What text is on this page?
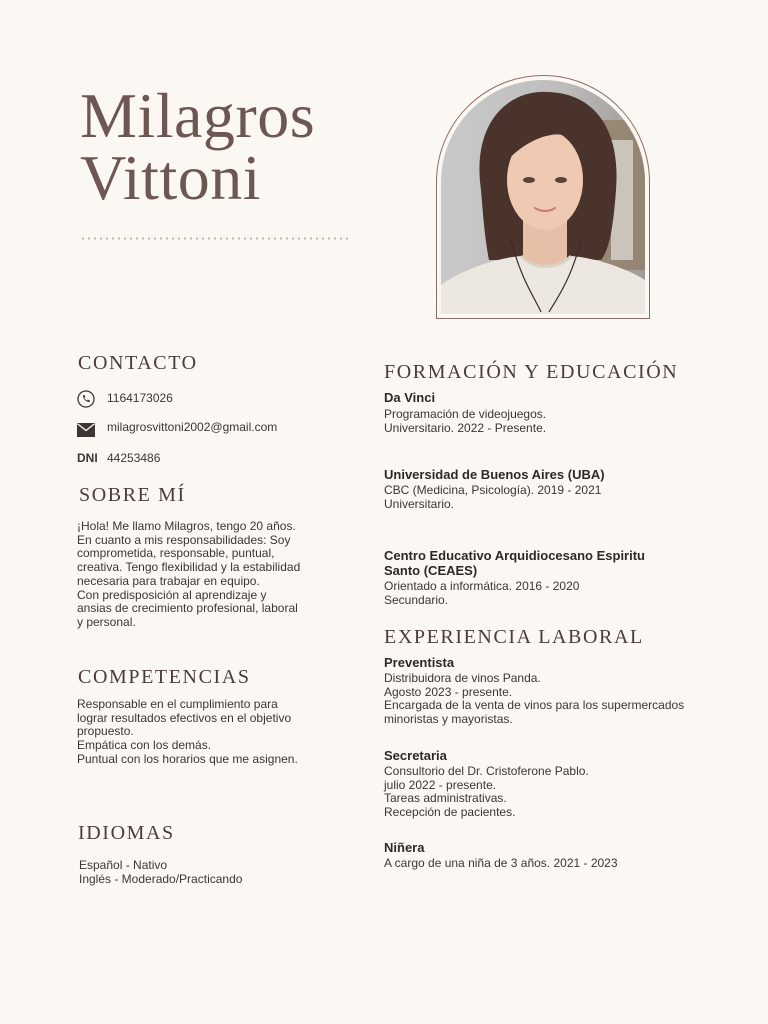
Milagros
Vittoni
CONTACTO
1164173026
milagrosvittoni2002@gmail.com
DNI 44253486
SOBRE MÍ
¡Hola! Me llamo Milagros, tengo 20 años.
En cuanto a mis responsabilidades: Soy
comprometida, responsable, puntual,
creativa. Tengo flexibilidad y la estabilidad
necesaria para trabajar en equipo.
Con predisposición al aprendizaje y
ansias de crecimiento profesional, laboral
y personal.
COMPETENCIAS
Responsable en el cumplimiento para
lograr resultados efectivos en el objetivo
propuesto.
Empática con los demás.
Puntual con los horarios que me asignen.
IDIOMAS
Español - Nativo
Inglés - Moderado/Practicando
FORMACIÓN Y EDUCACIÓN
Da Vinci
Programación de videojuegos.
Universitario. 2022 - Presente.
Universidad de Buenos Aires (UBA)
CBC (Medicina, Psicología). 2019 - 2021
Universitario.
Centro Educativo Arquidiocesano Espiritu
Santo (CEAES)
Orientado a informática. 2016 - 2020
Secundario.
EXPERIENCIA LABORAL
Preventista
Distribuidora de vinos Panda.
Agosto 2023 - presente.
Encargada de la venta de vinos para los supermercados
minoristas y mayoristas.
Secretaria
Consultorio del Dr. Cristoferone Pablo.
julio 2022 - presente.
Tareas administrativas.
Recepción de pacientes.
Niñera
A cargo de una niña de 3 años. 2021 - 2023
